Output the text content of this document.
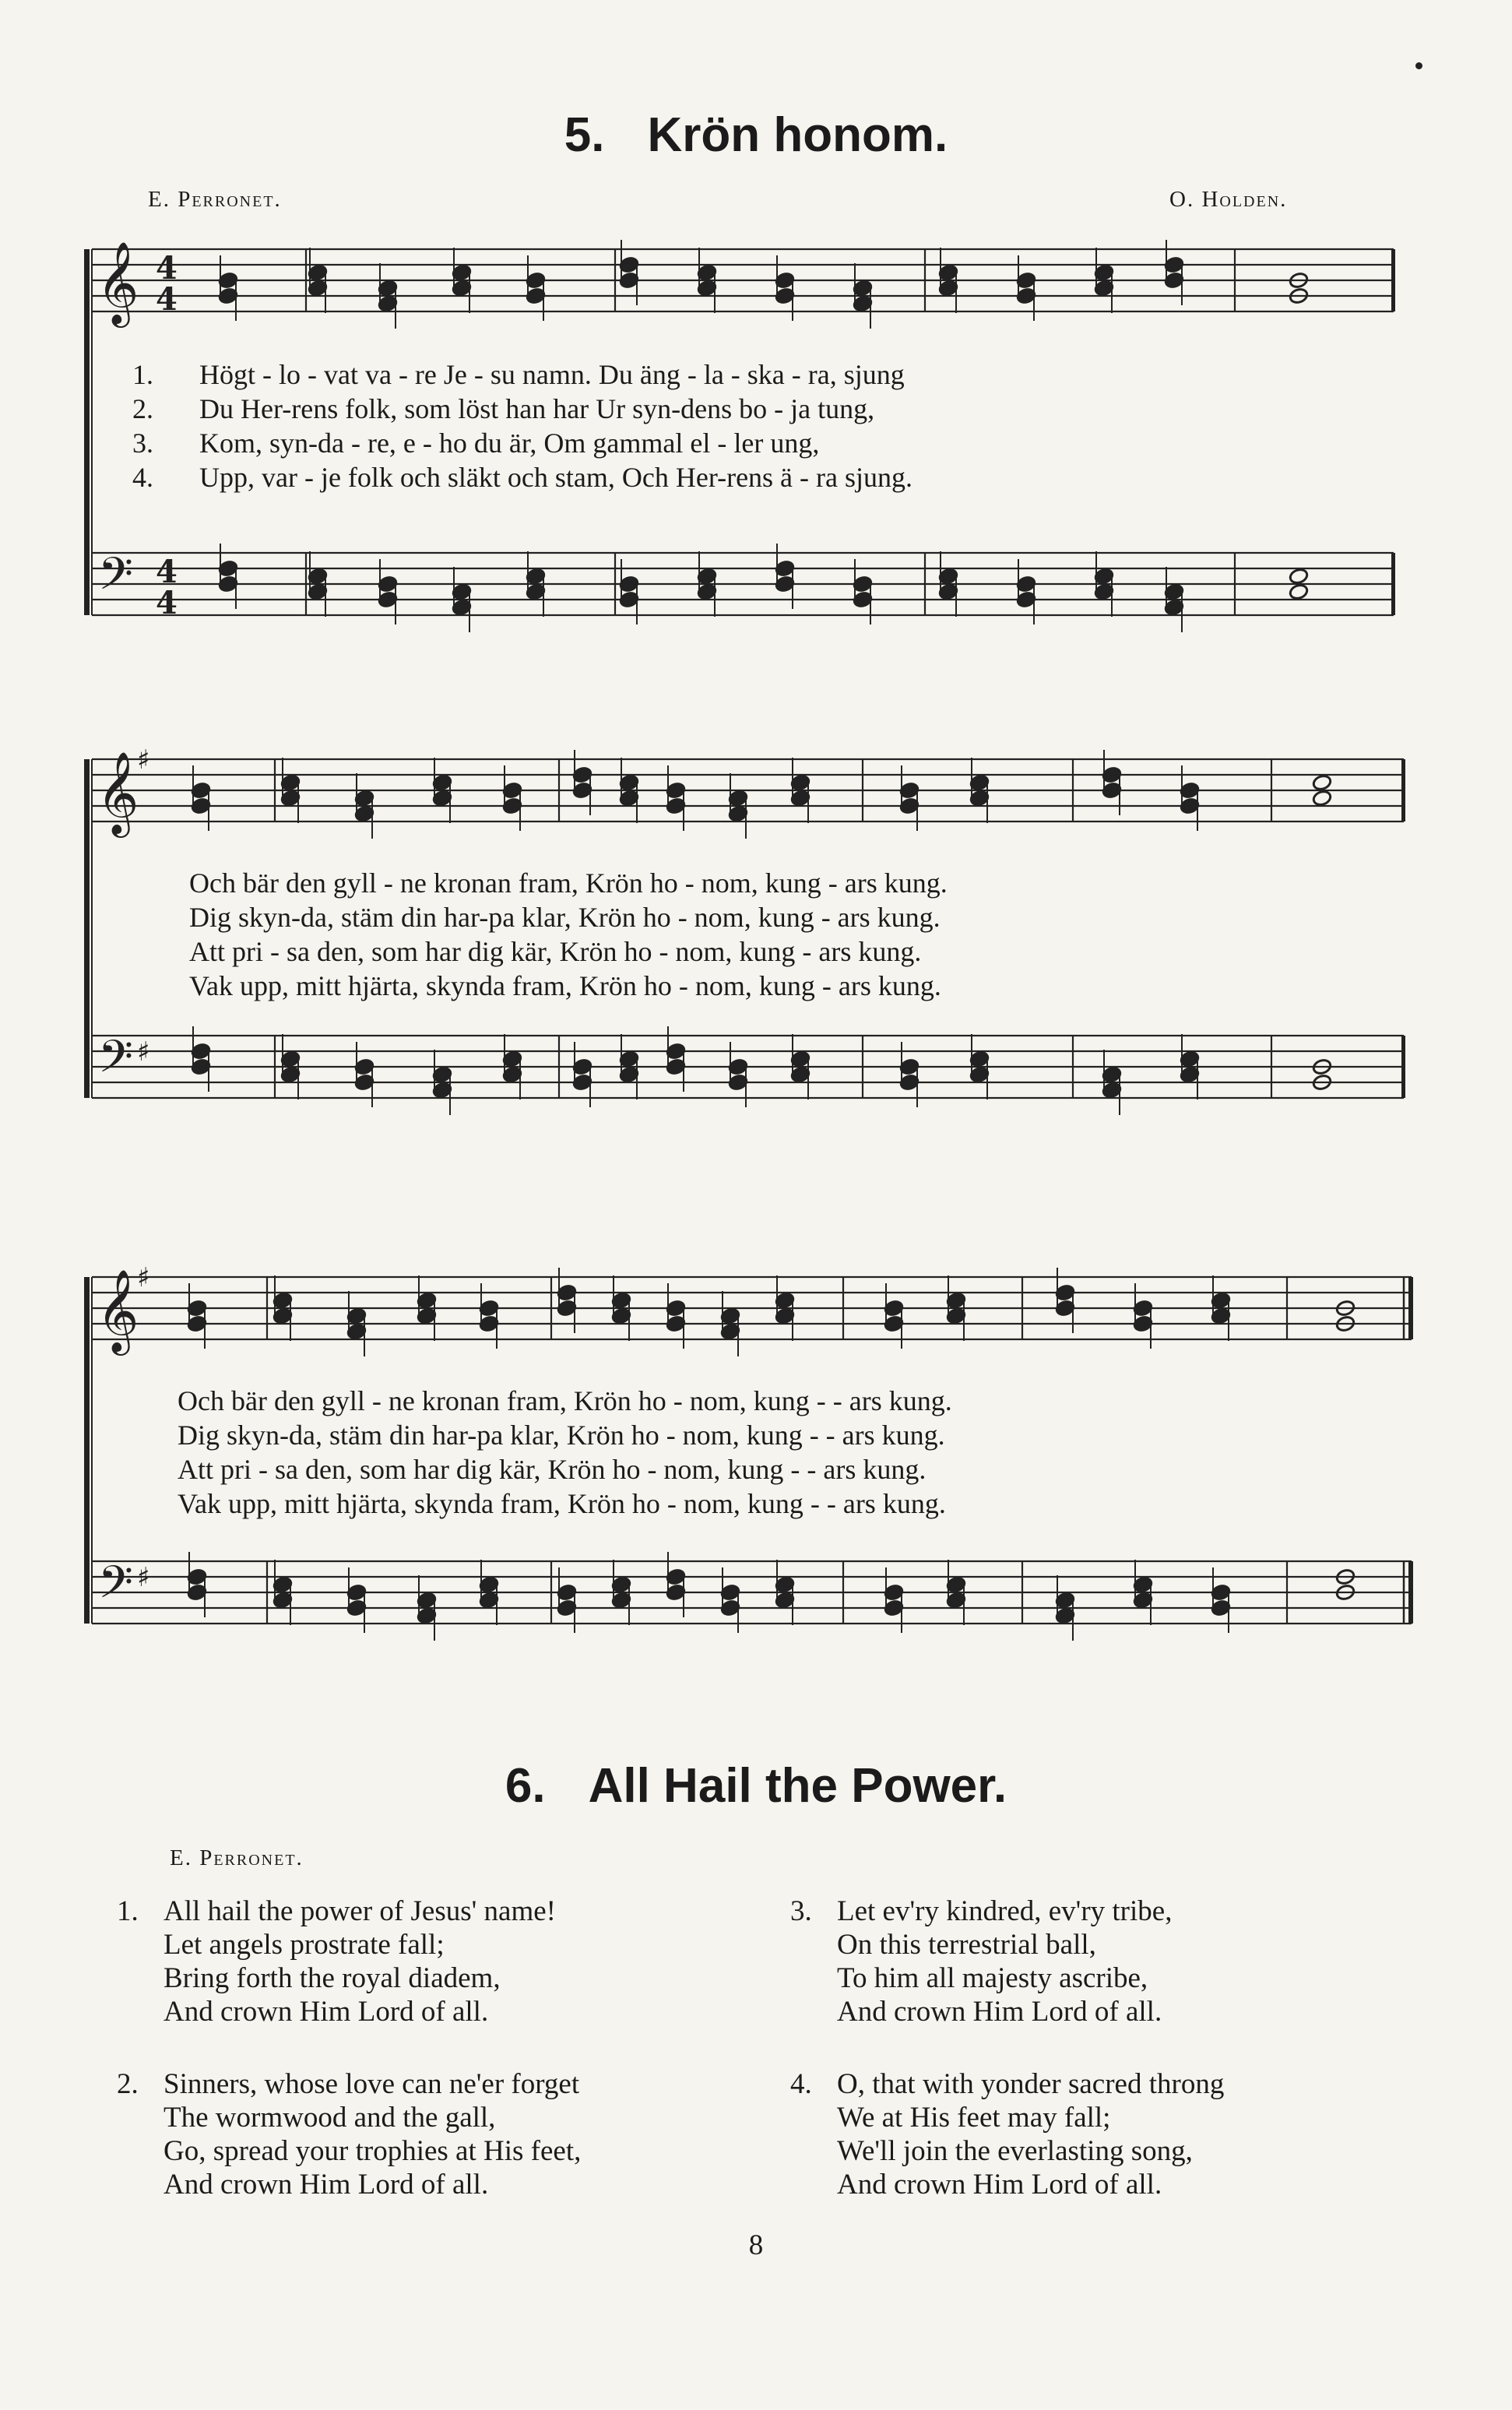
5. Krön honom.
E. Perronet.	O. Holden.
𝄞
𝄢
4
4
4
4
1.	Högt - lo - vat va - re Je - su namn. Du äng - la - ska - ra, sjung
2.	Du Her-rens folk, som löst han har Ur syn-dens bo - ja tung,
3.	Kom, syn-da - re, e - ho du är, Om gammal el - ler ung,
4.	Upp, var - je folk och släkt och stam, Och Her-rens ä - ra sjung.
𝄞
𝄢
♯
♯
Och bär den gyll - ne kronan fram, Krön ho - nom, kung - ars kung.
Dig skyn-da, stäm din har-pa klar, Krön ho - nom, kung - ars kung.
Att pri - sa den, som har dig kär, Krön ho - nom, kung - ars kung.
Vak upp, mitt hjärta, skynda fram, Krön ho - nom, kung - ars kung.
𝄞
𝄢
♯
♯
Och bär den gyll - ne kronan fram, Krön ho - nom, kung - - ars kung.
Dig skyn-da, stäm din har-pa klar, Krön ho - nom, kung - - ars kung.
Att pri - sa den, som har dig kär, Krön ho - nom, kung - - ars kung.
Vak upp, mitt hjärta, skynda fram, Krön ho - nom, kung - - ars kung.
6. All Hail the Power.
E. Perronet.
1. All hail the power of Jesus' name!
Let angels prostrate fall;
Bring forth the royal diadem,
And crown Him Lord of all.
2. Sinners, whose love can ne'er forget
The wormwood and the gall,
Go, spread your trophies at His feet,
And crown Him Lord of all.
3. Let ev'ry kindred, ev'ry tribe,
On this terrestrial ball,
To him all majesty ascribe,
And crown Him Lord of all.
4. O, that with yonder sacred throng
We at His feet may fall;
We'll join the everlasting song,
And crown Him Lord of all.
8
